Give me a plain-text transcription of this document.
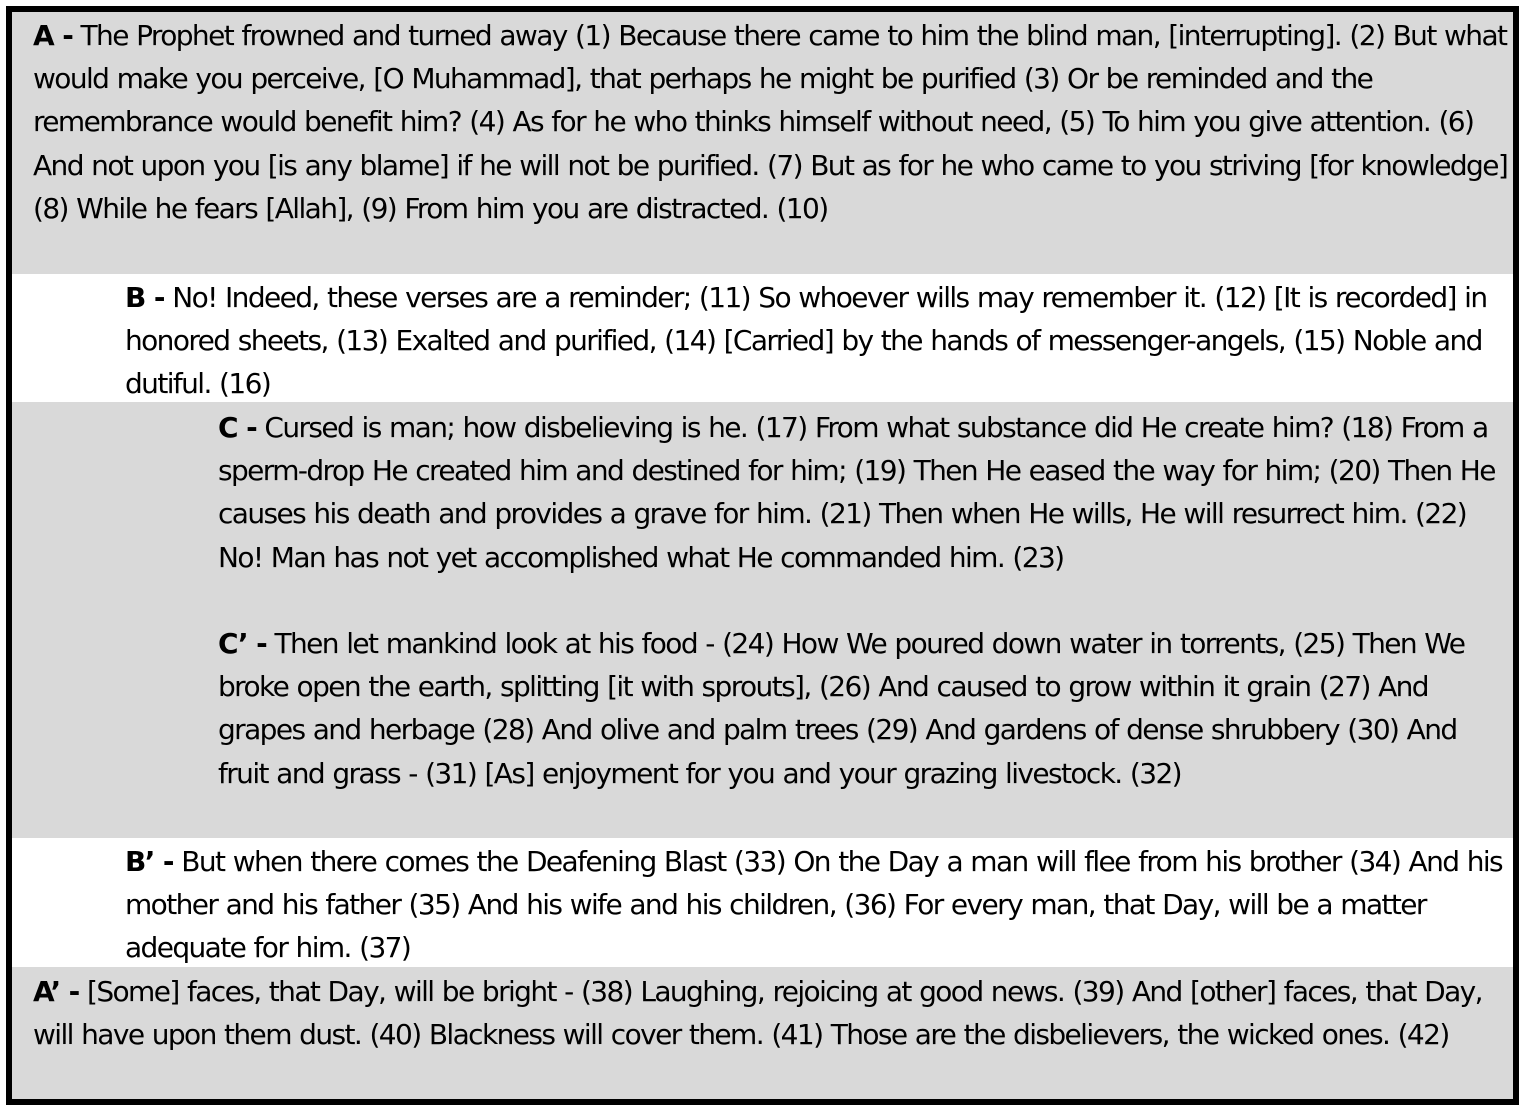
A - The Prophet frowned and turned away (1) Because there came to him the blind man, [interrupting]. (2) But what would make you perceive, [O Muhammad], that perhaps he might be purified (3) Or be reminded and the remembrance would benefit him? (4) As for he who thinks himself without need, (5) To him you give attention. (6) And not upon you [is any blame] if he will not be purified. (7) But as for he who came to you striving [for knowledge] (8) While he fears [Allah], (9) From him you are distracted. (10)
B - No! Indeed, these verses are a reminder; (11) So whoever wills may remember it. (12) [It is recorded] in honored sheets, (13) Exalted and purified, (14) [Carried] by the hands of messenger-angels, (15) Noble and dutiful. (16)
C - Cursed is man; how disbelieving is he. (17) From what substance did He create him? (18) From a sperm-drop He created him and destined for him; (19) Then He eased the way for him; (20) Then He causes his death and provides a grave for him. (21) Then when He wills, He will resurrect him. (22) No! Man has not yet accomplished what He commanded him. (23)
C’ - Then let mankind look at his food - (24) How We poured down water in torrents, (25) Then We broke open the earth, splitting [it with sprouts], (26) And caused to grow within it grain (27) And grapes and herbage (28) And olive and palm trees (29) And gardens of dense shrubbery (30) And fruit and grass - (31) [As] enjoyment for you and your grazing livestock. (32)
B’ - But when there comes the Deafening Blast (33) On the Day a man will flee from his brother (34) And his mother and his father (35) And his wife and his children, (36) For every man, that Day, will be a matter adequate for him. (37)
A’ - [Some] faces, that Day, will be bright - (38) Laughing, rejoicing at good news. (39) And [other] faces, that Day, will have upon them dust. (40) Blackness will cover them. (41) Those are the disbelievers, the wicked ones. (42)
